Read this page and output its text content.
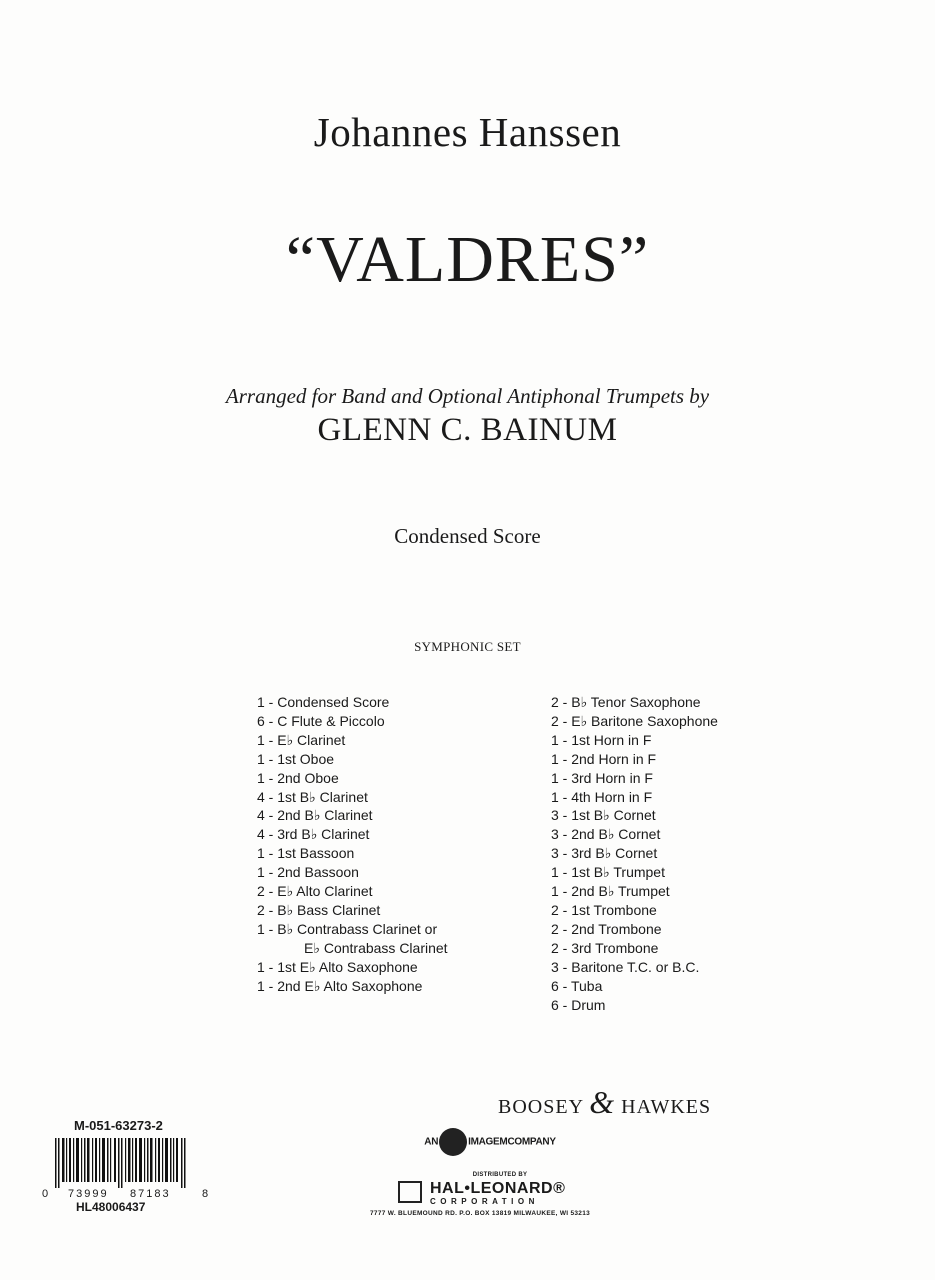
Johannes Hanssen
“VALDRES”
Arranged for Band and Optional Antiphonal Trumpets by
GLENN C. BAINUM
Condensed Score
SYMPHONIC SET
1 - Condensed Score
6 - C Flute & Piccolo
1 - E♭ Clarinet
1 - 1st Oboe
1 - 2nd Oboe
4 - 1st B♭ Clarinet
4 - 2nd B♭ Clarinet
4 - 3rd B♭ Clarinet
1 - 1st Bassoon
1 - 2nd Bassoon
2 - E♭ Alto Clarinet
2 - B♭ Bass Clarinet
1 - B♭ Contrabass Clarinet or
E♭ Contrabass Clarinet
1 - 1st E♭ Alto Saxophone
1 - 2nd E♭ Alto Saxophone
2 - B♭ Tenor Saxophone
2 - E♭ Baritone Saxophone
1 - 1st Horn in F
1 - 2nd Horn in F
1 - 3rd Horn in F
1 - 4th Horn in F
3 - 1st B♭ Cornet
3 - 2nd B♭ Cornet
3 - 3rd B♭ Cornet
1 - 1st B♭ Trumpet
1 - 2nd B♭ Trumpet
2 - 1st Trombone
2 - 2nd Trombone
2 - 3rd Trombone
3 - Baritone T.C. or B.C.
6 - Tuba
6 - Drum
BOOSEY & HAWKES
AN	IMAGEMCOMPANY
DISTRIBUTED BY
HAL•LEONARD®
CORPORATION
7777 W. BLUEMOUND RD. P.O. BOX 13819 MILWAUKEE, WI 53213
M-051-63273-2
0 73999 87183	8
HL48006437
